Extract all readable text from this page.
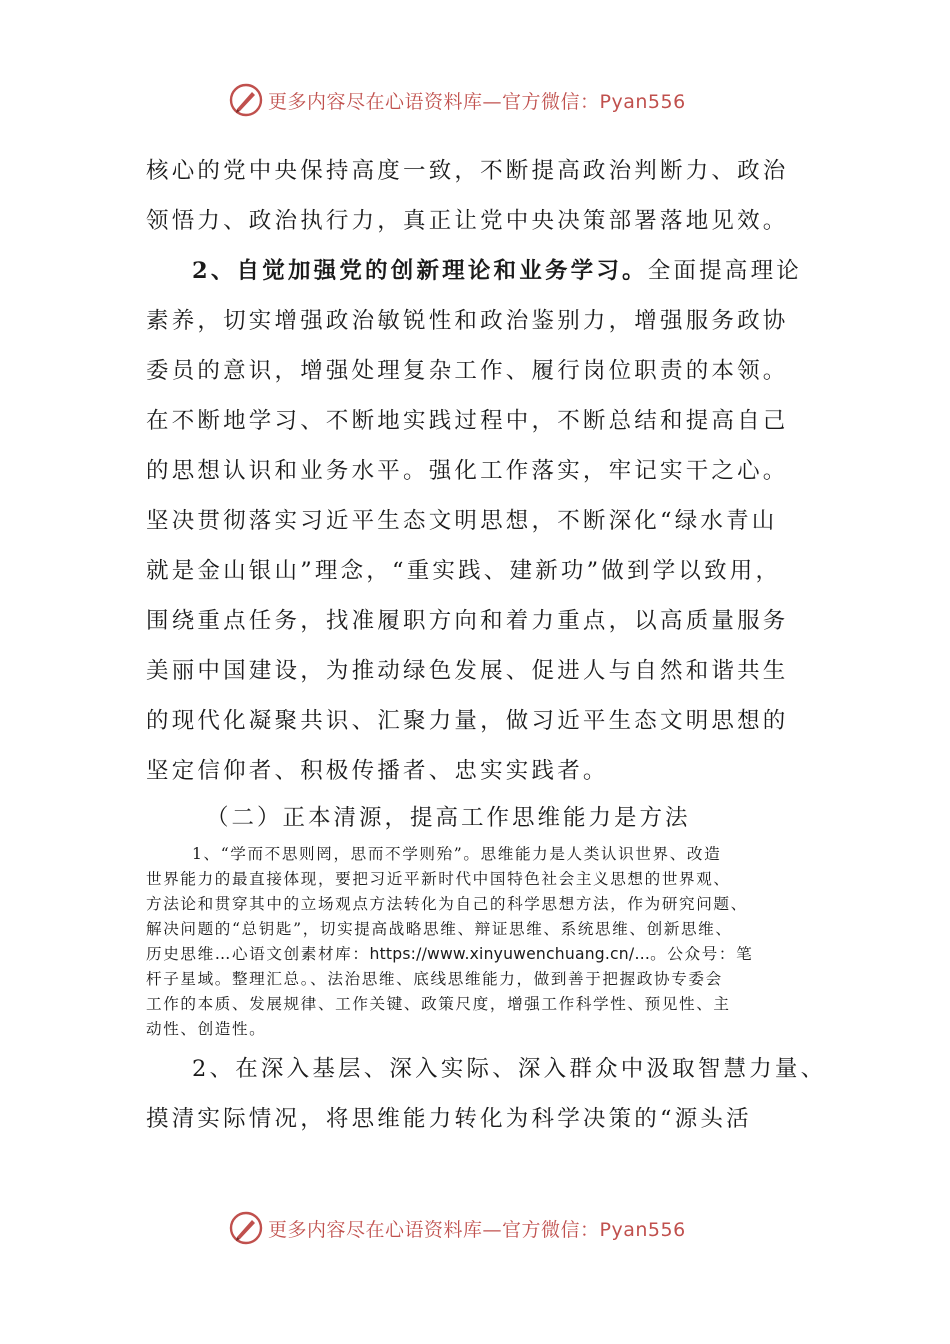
更多内容尽在心语资料库—官方微信：Pyan556
核心的党中央保持高度一致，不断提高政治判断力、政治
领悟力、政治执行力，真正让党中央决策部署落地见效。
2、自觉加强党的创新理论和业务学习。全面提高理论
素养，切实增强政治敏锐性和政治鉴别力，增强服务政协
委员的意识，增强处理复杂工作、履行岗位职责的本领。
在不断地学习、不断地实践过程中，不断总结和提高自己
的思想认识和业务水平。强化工作落实，牢记实干之心。
坚决贯彻落实习近平生态文明思想，不断深化“绿水青山
就是金山银山”理念，“重实践、建新功”做到学以致用，
围绕重点任务，找准履职方向和着力重点，以高质量服务
美丽中国建设，为推动绿色发展、促进人与自然和谐共生
的现代化凝聚共识、汇聚力量，做习近平生态文明思想的
坚定信仰者、积极传播者、忠实实践者。
（二）正本清源，提高工作思维能力是方法
1、“学而不思则罔，思而不学则殆”。思维能力是人类认识世界、改造
世界能力的最直接体现，要把习近平新时代中国特色社会主义思想的世界观、
方法论和贯穿其中的立场观点方法转化为自己的科学思想方法，作为研究问题、
解决问题的“总钥匙”，切实提高战略思维、辩证思维、系统思维、创新思维、
历史思维…心语文创素材库：https://www.xinyuwenchuang.cn/…。公众号：笔
杆子星域。整理汇总。、法治思维、底线思维能力，做到善于把握政协专委会
工作的本质、发展规律、工作关键、政策尺度，增强工作科学性、预见性、主
动性、创造性。
2、在深入基层、深入实际、深入群众中汲取智慧力量、
摸清实际情况，将思维能力转化为科学决策的“源头活
更多内容尽在心语资料库—官方微信：Pyan556
